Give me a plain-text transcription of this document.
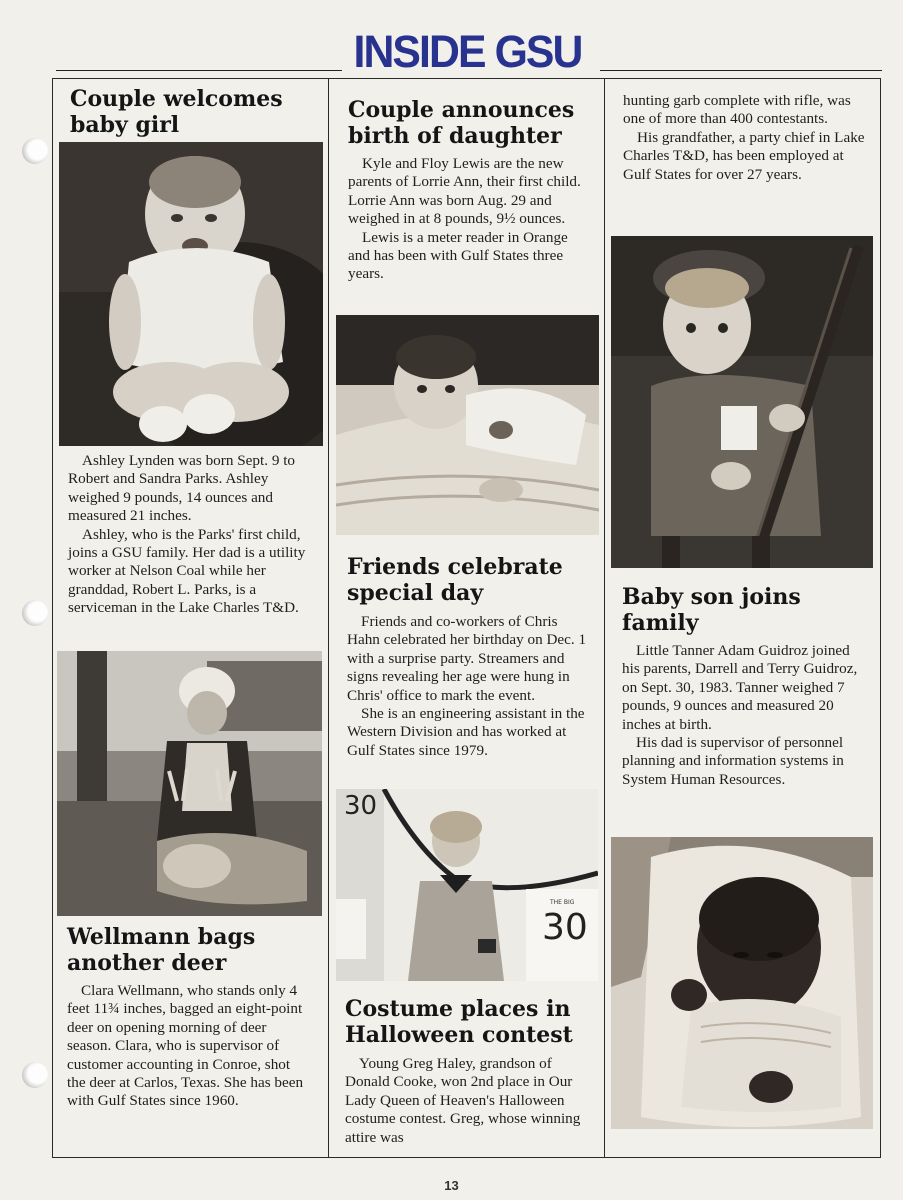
INSIDE GSU
Couple welcomes baby girl

Ashley Lynden was born Sept. 9 to Robert and Sandra Parks. Ashley weighed 9 pounds, 14 ounces and measured 21 inches.

Ashley, who is the Parks' first child, joins a GSU family. Her dad is a utility worker at Nelson Coal while her granddad, Robert L. Parks, is a serviceman in the Lake Charles T&D.

Wellmann bags another deer

Clara Wellmann, who stands only 4 feet 11¾ inches, bagged an eight-point deer on opening morning of deer season. Clara, who is supervisor of customer accounting in Conroe, shot the deer at Carlos, Texas. She has been with Gulf States since 1960.

Couple announces birth of daughter

Kyle and Floy Lewis are the new parents of Lorrie Ann, their first child. Lorrie Ann was born Aug. 29 and weighed in at 8 pounds, 9½ ounces.

Lewis is a meter reader in Orange and has been with Gulf States three years.

Friends celebrate special day

Friends and co-workers of Chris Hahn celebrated her birthday on Dec. 1 with a surprise party. Streamers and signs revealing her age were hung in Chris' office to mark the event.

She is an engineering assistant in the Western Division and has worked at Gulf States since 1979.

30
THE BIG
30
Costume places in Halloween contest

Young Greg Haley, grandson of Donald Cooke, won 2nd place in Our Lady Queen of Heaven's Halloween costume contest. Greg, whose winning attire was

hunting garb complete with rifle, was one of more than 400 contestants.

His grandfather, a party chief in Lake Charles T&D, has been employed at Gulf States for over 27 years.

Baby son joins family

Little Tanner Adam Guidroz joined his parents, Darrell and Terry Guidroz, on Sept. 30, 1983. Tanner weighed 7 pounds, 9 ounces and measured 20 inches at birth.

His dad is supervisor of personnel planning and information systems in System Human Resources.

13
